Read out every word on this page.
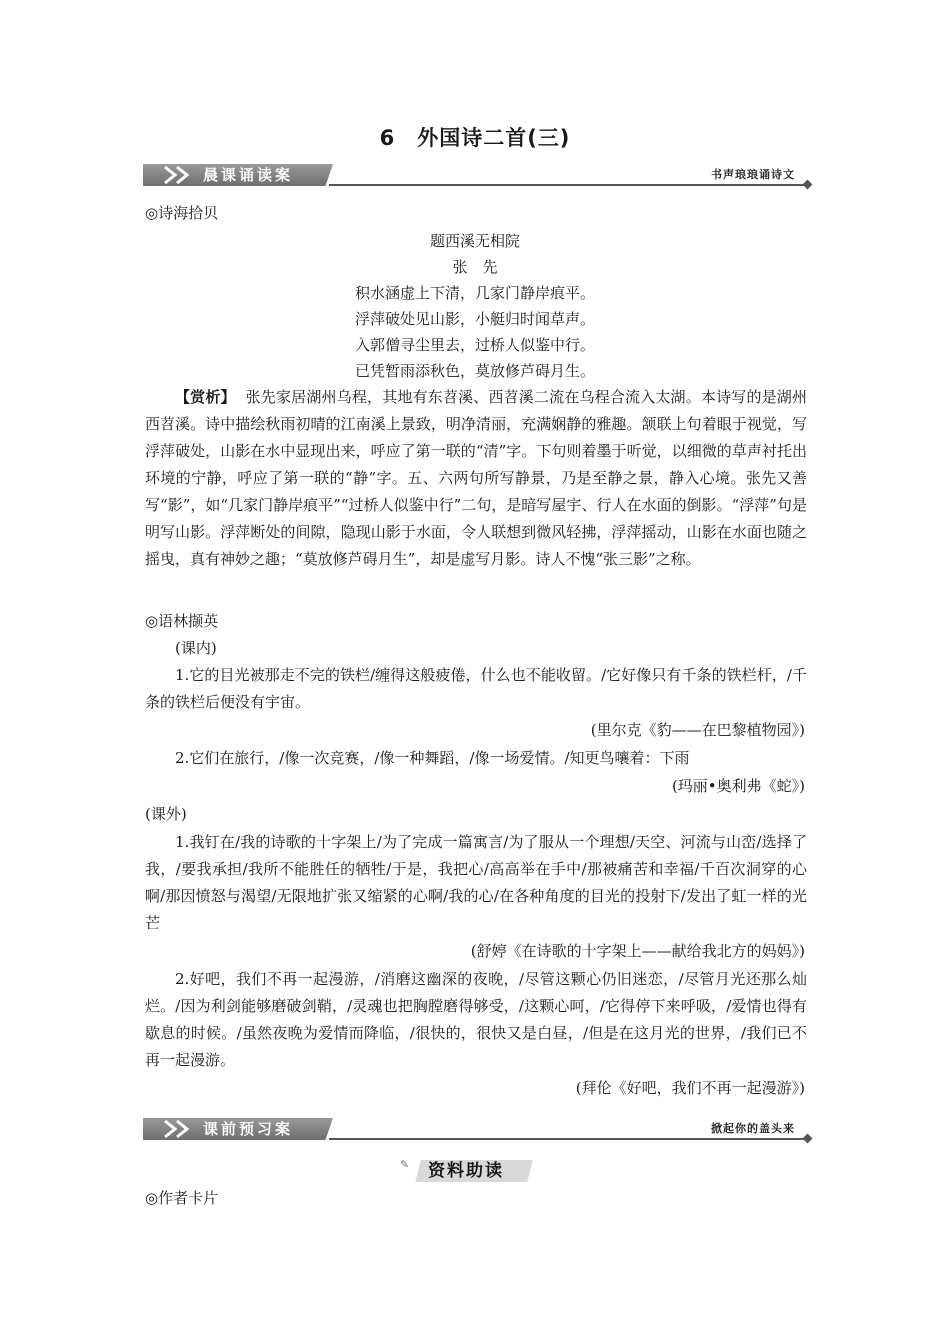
6　外国诗二首(三)
晨课诵读案	书声琅琅诵诗文
◎诗海拾贝
题西溪无相院
张　先
积水涵虚上下清，几家门静岸痕平。
浮萍破处见山影，小艇归时闻草声。
入郭僧寻尘里去，过桥人似鉴中行。
已凭暂雨添秋色，莫放修芦碍月生。
【赏析】 张先家居湖州乌程，其地有东苕溪、西苕溪二流在乌程合流入太湖。本诗写的是湖州西苕溪。诗中描绘秋雨初晴的江南溪上景致，明净清丽，充满娴静的雅趣。颔联上句着眼于视觉，写浮萍破处，山影在水中显现出来，呼应了第一联的“清”字。下句则着墨于听觉，以细微的草声衬托出环境的宁静，呼应了第一联的“静”字。五、六两句所写静景，乃是至静之景，静入心境。张先又善写“影”，如“几家门静岸痕平”“过桥人似鉴中行”二句，是暗写屋宇、行人在水面的倒影。“浮萍”句是明写山影。浮萍断处的间隙，隐现山影于水面，令人联想到微风轻拂，浮萍摇动，山影在水面也随之摇曳，真有神妙之趣；“莫放修芦碍月生”，却是虚写月影。诗人不愧“张三影”之称。
◎语林撷英
(课内)
1.它的目光被那走不完的铁栏/缠得这般疲倦，什么也不能收留。/它好像只有千条的铁栏杆，/千条的铁栏后便没有宇宙。
(里尔克《豹——在巴黎植物园》)
2.它们在旅行，/像一次竞赛，/像一种舞蹈，/像一场爱情。/知更鸟嚷着：下雨
(玛丽•奥利弗《蛇》)
(课外)
1.我钉在/我的诗歌的十字架上/为了完成一篇寓言/为了服从一个理想/天空、河流与山峦/选择了我，/要我承担/我所不能胜任的牺牲/于是，我把心/高高举在手中/那被痛苦和幸福/千百次洞穿的心啊/那因愤怒与渴望/无限地扩张又缩紧的心啊/我的心/在各种角度的目光的投射下/发出了虹一样的光芒
(舒婷《在诗歌的十字架上——献给我北方的妈妈》)
2.好吧，我们不再一起漫游，/消磨这幽深的夜晚，/尽管这颗心仍旧迷恋，/尽管月光还那么灿烂。/因为利剑能够磨破剑鞘，/灵魂也把胸膛磨得够受，/这颗心呵，/它得停下来呼吸，/爱情也得有歇息的时候。/虽然夜晚为爱情而降临，/很快的，很快又是白昼，/但是在这月光的世界，/我们已不再一起漫游。
(拜伦《好吧，我们不再一起漫游》)
课前预习案	掀起你的盖头来
✎ 资料助读
◎作者卡片
